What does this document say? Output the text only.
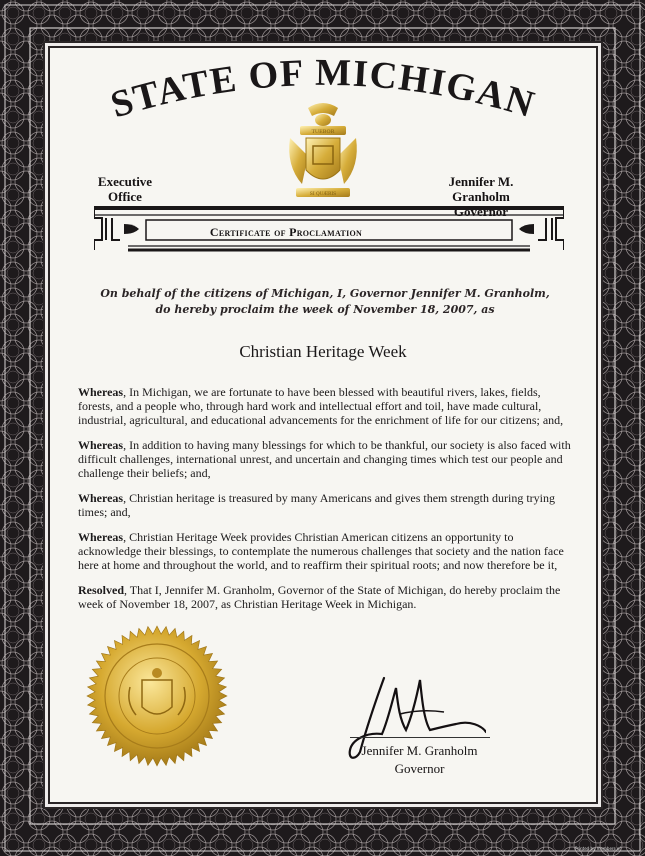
STATE OF MICHIGAN
TUEBOR
SI QUÆRIS
Executive
Office
Jennifer M. Granholm
Governor
Certificate of Proclamation
On behalf of the citizens of Michigan, I, Governor Jennifer M. Granholm,
do hereby proclaim the week of November 18, 2007, as
Christian Heritage Week

Whereas, In Michigan, we are fortunate to have been blessed with beautiful rivers, lakes, fields, forests, and a people who, through hard work and intellectual effort and toil, have made cultural, industrial, agricultural, and educational advancements for the enrichment of life for our citizens; and,

Whereas, In addition to having many blessings for which to be thankful, our society is also faced with difficult challenges, international unrest, and uncertain and changing times which test our people and challenge their beliefs; and,

Whereas, Christian heritage is treasured by many Americans and gives them strength during trying times; and,

Whereas, Christian Heritage Week provides Christian American citizens an opportunity to acknowledge their blessings, to contemplate the numerous challenges that society and the nation face here at home and throughout the world, and to reaffirm their spiritual roots; and now therefore be it,

Resolved, That I, Jennifer M. Granholm, Governor of the State of Michigan, do hereby proclaim the week of November 18, 2007, as Christian Heritage Week in Michigan.

Jennifer M. Granholm
Governor
Printed by members of
